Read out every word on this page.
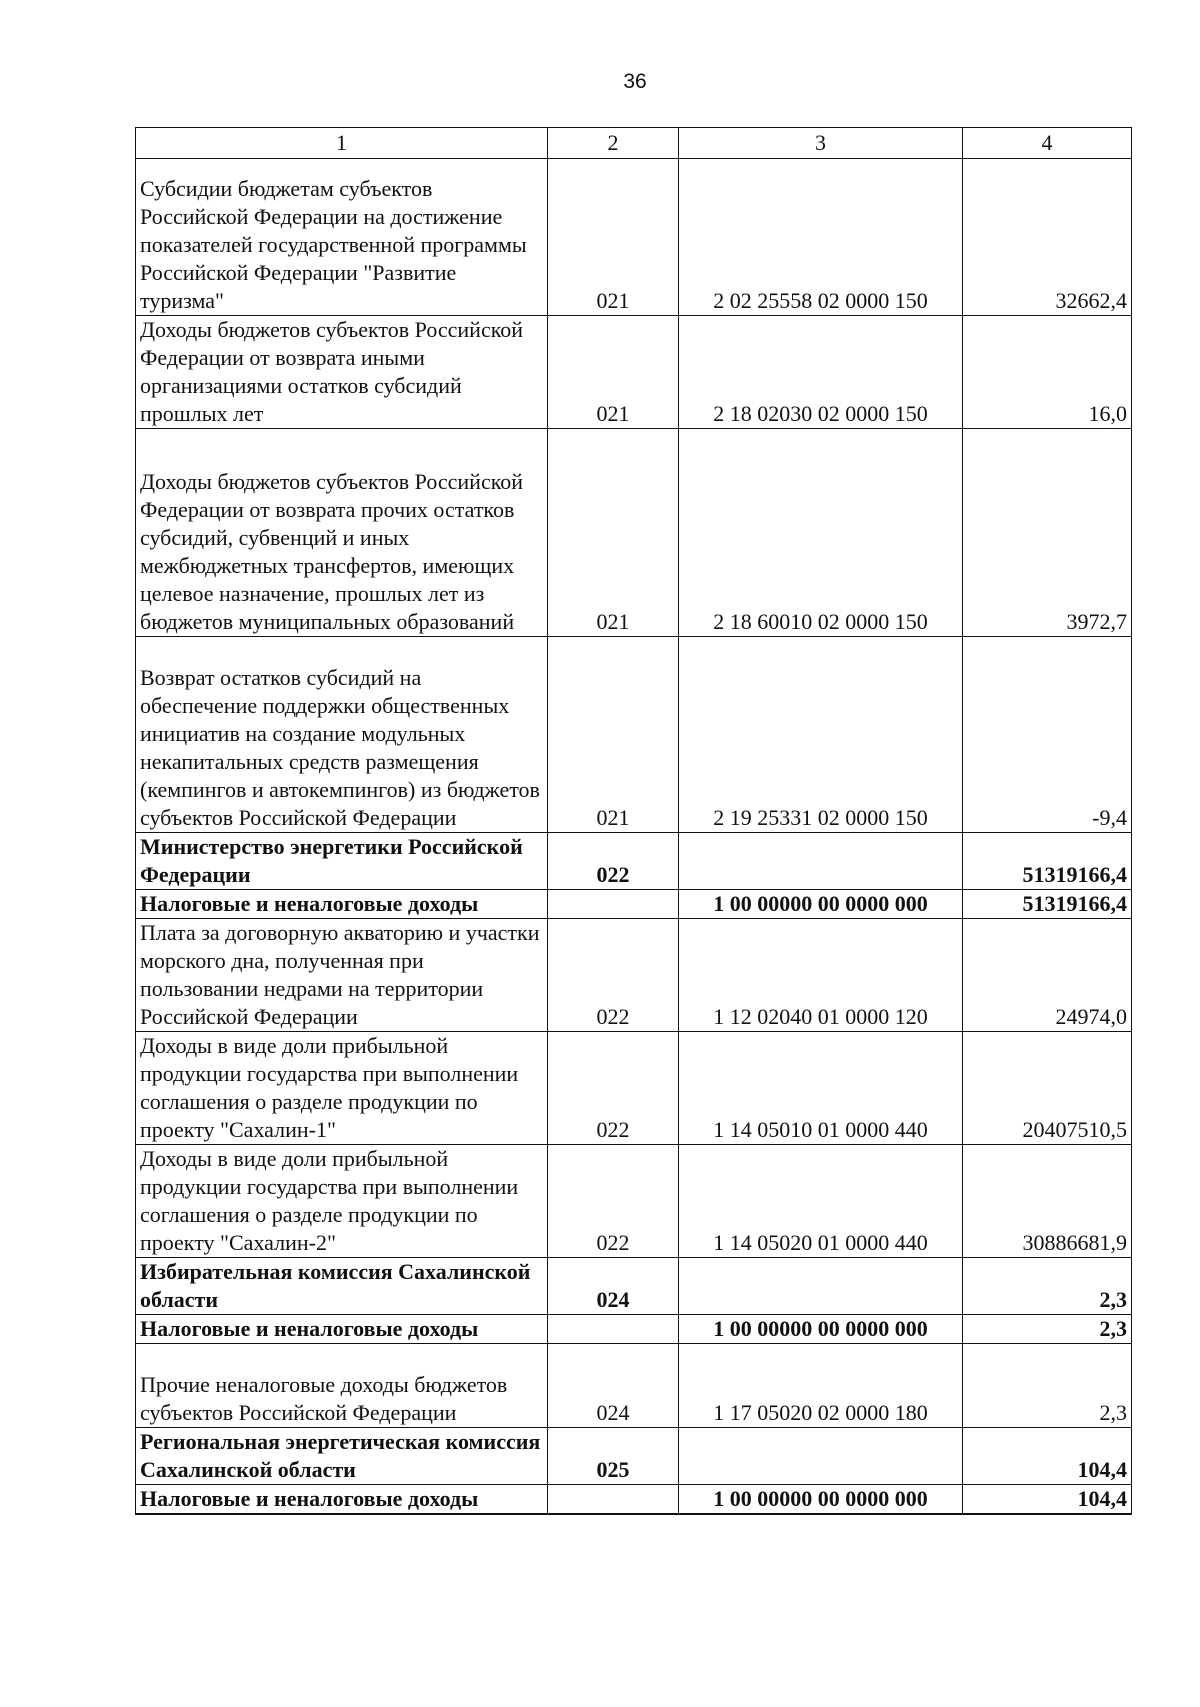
36
1	2	3	4
Субсидии бюджетам субъектов Российской Федерации на достижение показателей государственной программы Российской Федерации "Развитие туризма"	021	2 02 25558 02 0000 150	32662,4
Доходы бюджетов субъектов Российской Федерации от возврата иными организациями остатков субсидий прошлых лет	021	2 18 02030 02 0000 150	16,0
Доходы бюджетов субъектов Российской Федерации от возврата прочих остатков субсидий, субвенций и иных межбюджетных трансфертов, имеющих целевое назначение, прошлых лет из бюджетов муниципальных образований	021	2 18 60010 02 0000 150	3972,7
Возврат остатков субсидий на обеспечение поддержки общественных инициатив на создание модульных некапитальных средств размещения (кемпингов и автокемпингов) из бюджетов субъектов Российской Федерации	021	2 19 25331 02 0000 150	-9,4
Министерство энергетики Российской Федерации	022		51319166,4
Налоговые и неналоговые доходы		1 00 00000 00 0000 000	51319166,4
Плата за договорную акваторию и участки морского дна, полученная при пользовании недрами на территории Российской Федерации	022	1 12 02040 01 0000 120	24974,0
Доходы в виде доли прибыльной продукции государства при выполнении соглашения о разделе продукции по проекту "Сахалин-1"	022	1 14 05010 01 0000 440	20407510,5
Доходы в виде доли прибыльной продукции государства при выполнении соглашения о разделе продукции по проекту "Сахалин-2"	022	1 14 05020 01 0000 440	30886681,9
Избирательная комиссия Сахалинской области	024		2,3
Налоговые и неналоговые доходы		1 00 00000 00 0000 000	2,3
Прочие неналоговые доходы бюджетов субъектов Российской Федерации	024	1 17 05020 02 0000 180	2,3
Региональная энергетическая комиссия Сахалинской области	025		104,4
Налоговые и неналоговые доходы		1 00 00000 00 0000 000	104,4
